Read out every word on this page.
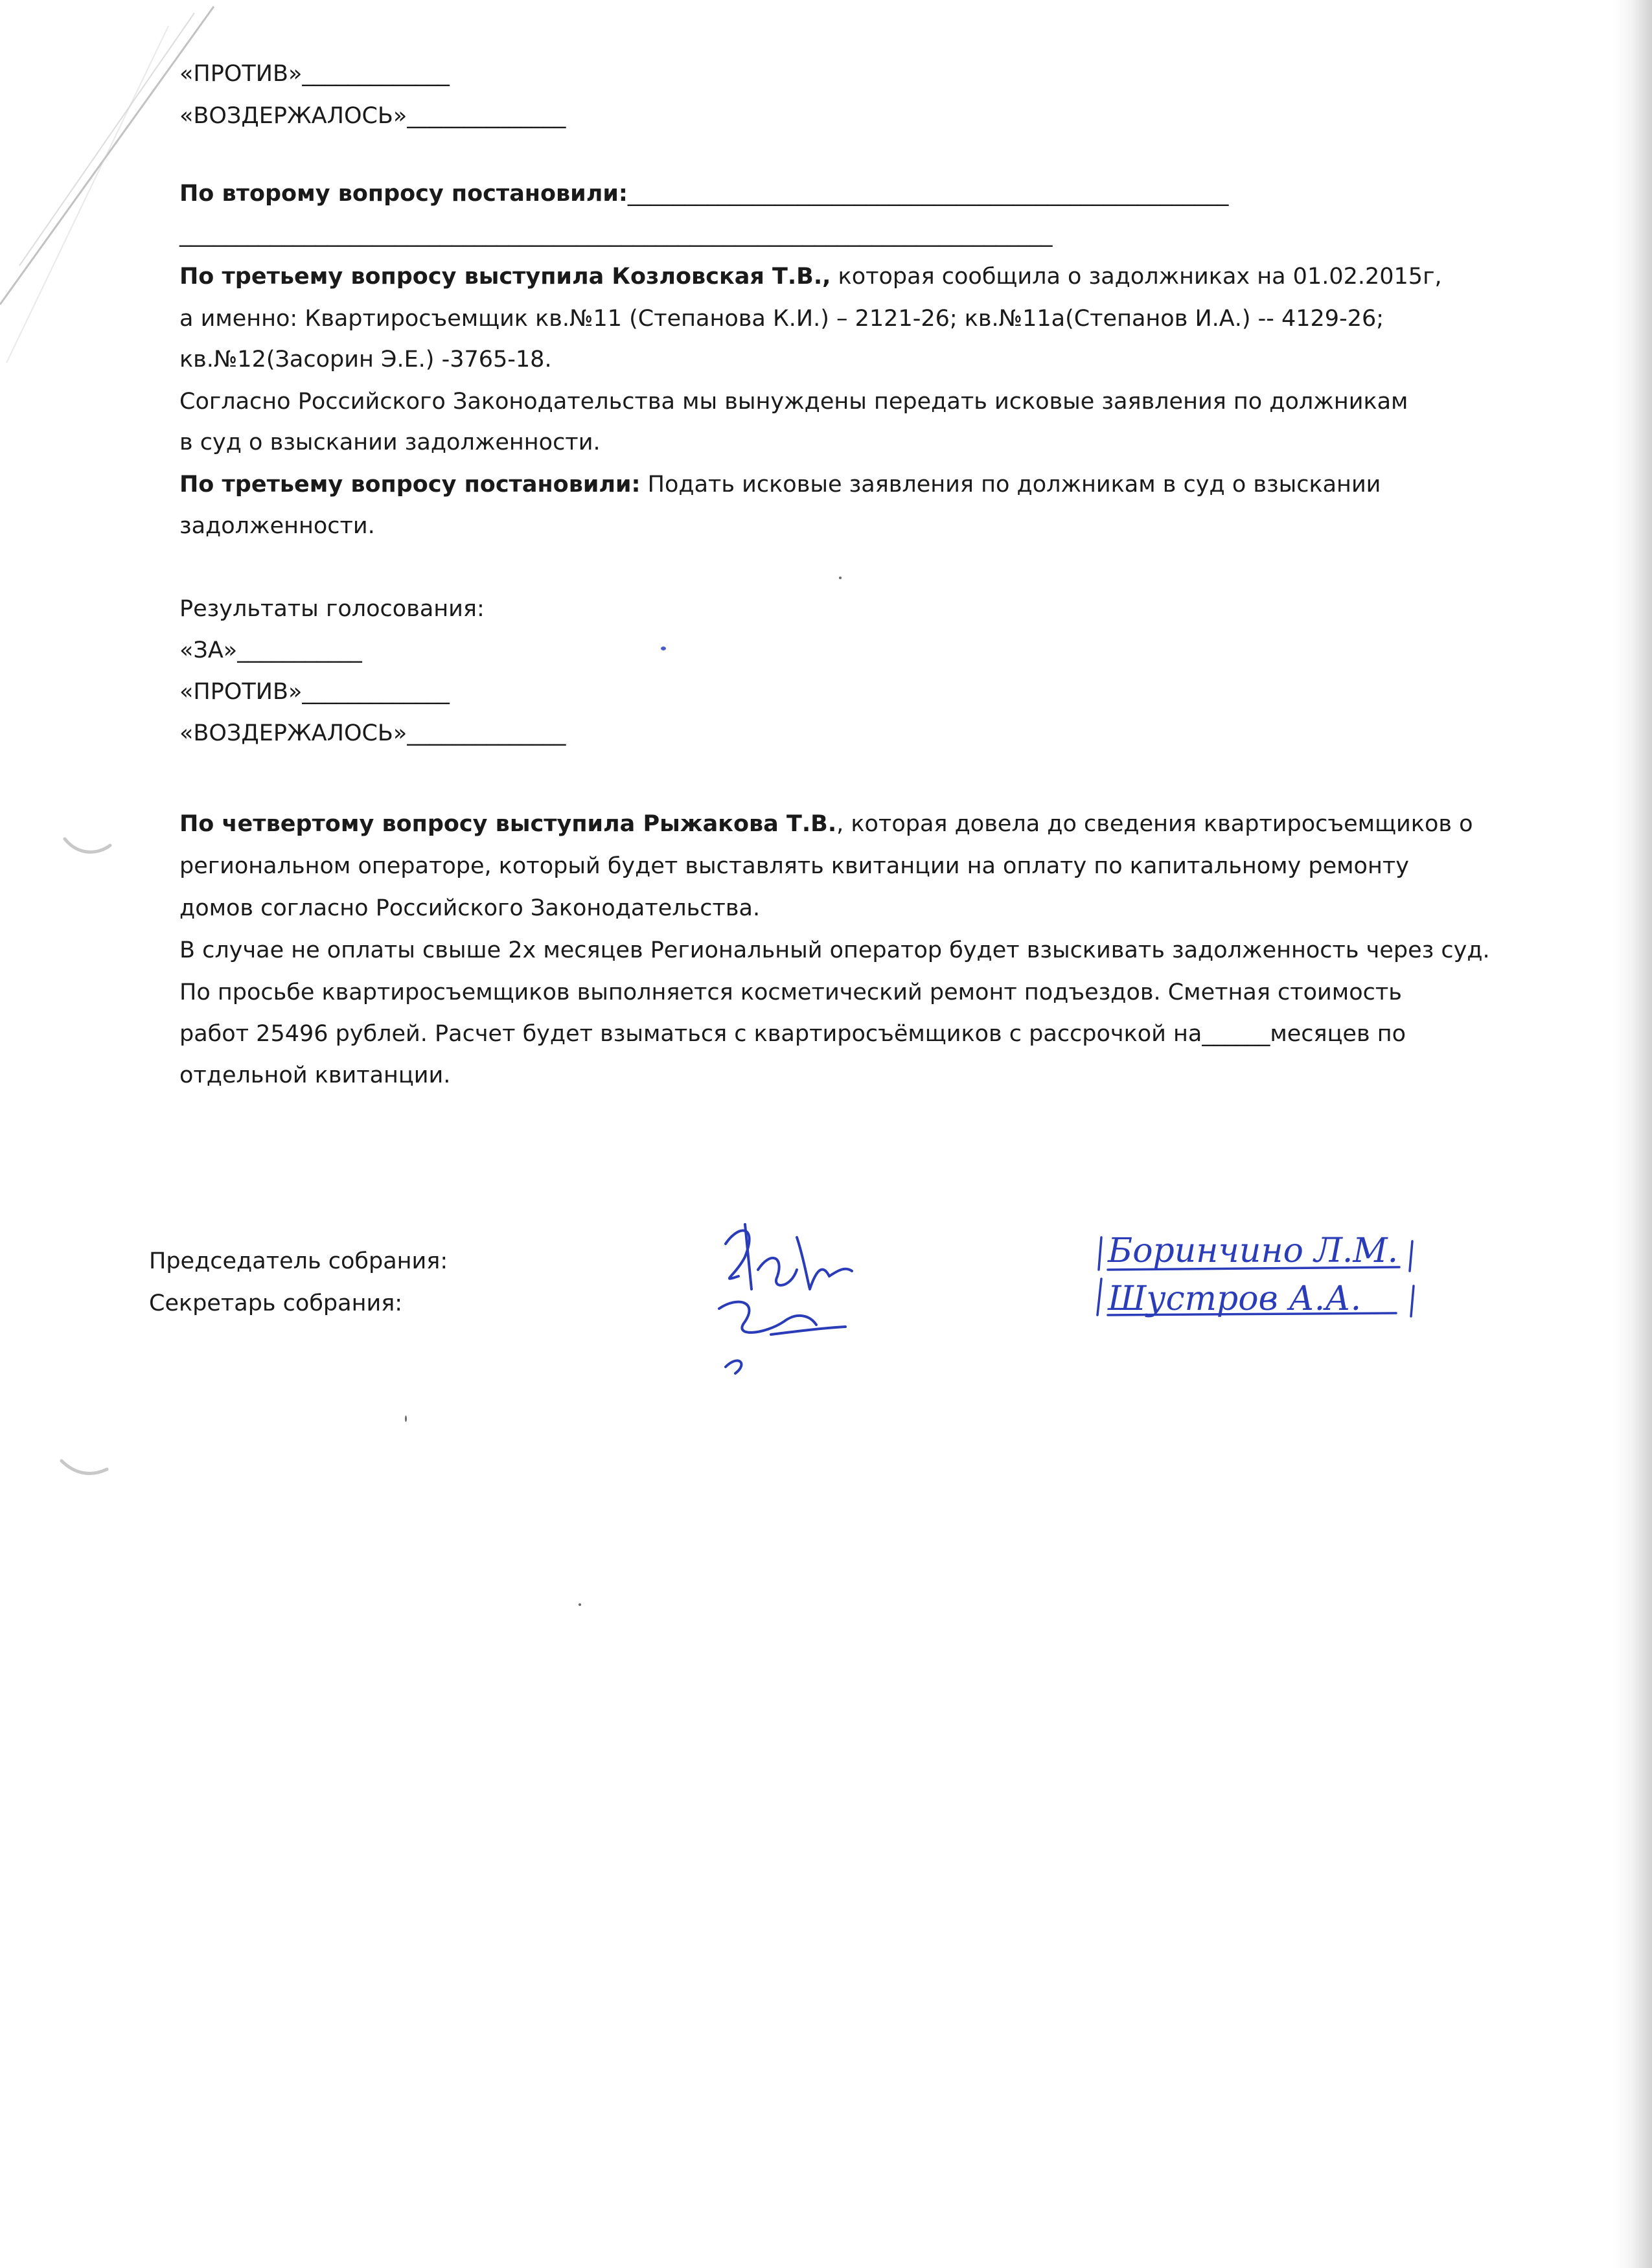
«ПРОТИВ»_____________
«ВОЗДЕРЖАЛОСЬ»______________
По второму вопросу постановили:_____________________________________________________
_____________________________________________________________________________
По третьему вопросу выступила Козловская Т.В., которая сообщила о задолжниках на 01.02.2015г,
а именно: Квартиросъемщик кв.№11 (Степанова К.И.) – 2121-26; кв.№11а(Степанов И.А.) -- 4129-26;
кв.№12(Засорин Э.Е.) -3765-18.
Согласно Российского Законодательства мы вынуждены передать исковые заявления по должникам
в суд о взыскании задолженности.
По третьему вопросу постановили: Подать исковые заявления по должникам в суд о взыскании
задолженности.
Результаты голосования:
«ЗА»___________
«ПРОТИВ»_____________
«ВОЗДЕРЖАЛОСЬ»______________
По четвертому вопросу выступила Рыжакова Т.В., которая довела до сведения квартиросъемщиков о
региональном операторе, который будет выставлять квитанции на оплату по капитальному ремонту
домов согласно Российского Законодательства.
В случае не оплаты свыше 2х месяцев Региональный оператор будет взыскивать задолженность через суд.
По просьбе квартиросъемщиков выполняется косметический ремонт подъездов. Сметная стоимость
работ 25496 рублей. Расчет будет взыматься с квартиросъёмщиков с рассрочкой на______месяцев по
отдельной квитанции.
Председатель собрания:
Секретарь собрания:
Боринчино Л.М.
Шустров А.А.
